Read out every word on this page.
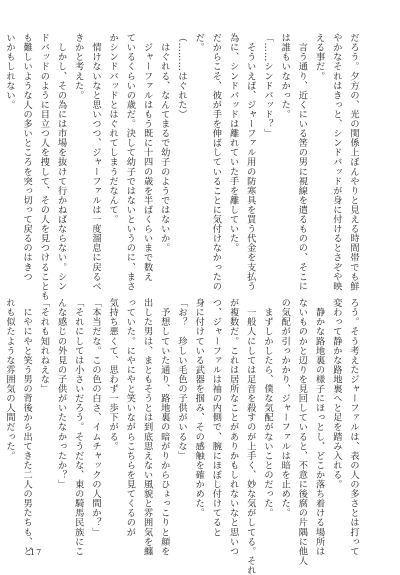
だろう。夕方の、光の関係上ぼんやりと見える時間帯でも鮮
やかなそれはきっと、シンドバッドが身に付けるとさぞや映
える事だ。
　言う通り、近くにいる筈の男に視線を遣るものの、そこに
は誰もいなかった。
「……シンドバッド？」
　そういえば、ジャーファル用の防寒具を買う代金を支払う
為に、シンドバッドは離れていた手を離していた。
だからこそ、彼が手を伸ばしていることに気付けなかったの
だ。
（………はぐれた）
　はぐれる、なんてまるで幼子のようではないか。
　ジャーファルはもう既に十四の歳を半ばくらいまで数え
ているくらいの歳だ。決して幼子ではないというのに、まさ
かシンドバッドとはぐれてしまうだなんて。
　情けないなと思いつつ、ジャーファルは一度溜息に戻るべ
きかと考えた。
　しかし、その為には市場を抜けて行かねばならない。シン
ドバッドのように目立つ人を捜して、その人を見つけることも
も難しいような人の多いところを突っ切って戻るのはきつ
いかもしれない。
ろう。そう考えたジャーファルは、表の人の多さとは打って
変わって静かな路地裏へと足を踏み入れる。
　静かな路地裏の様子にほっとし、どこか落ち着ける場所は
ないものかと辺りを見回していると、不意に後腐の片隅に他人
の気配が引っかかり、ジャーファルは暗を止めた。
　まずしかしたら、僕な気配がないことのだった。
　一般人にしては足音を殺すのが上手く、妙な気がしてる。それ
が複数だ。これは居所なことがありかもしれないなと思いつ
つ、ジャーファルは袖の内側で、腕にほぼし付けてると
身に付けている武器を掴み、その感触を確かめた。
「お？　珍しい毛色の子供がいるな」
　予想していた通り、路地裏の暗がりからひょっこりと顔を
出した男は、まともそうとは到底思えない風貌と雰囲気を纏
っていた。にやにやと笑いながらこちらを見てくるのが
気持ち悪くて、思わず一歩下がる。
「本当だな。この色の白さ、イムチャックの人間か？」
「それにしては小さいだろう。そうだな、東の騎馬民族にこ
んな感じの外見の子供がいたなかったか？」
「それも知れねえな」
　にやにやと笑う男の背後から出てきた二人の男たちも、ど
れも似たような雰囲気の人間だった。
17
